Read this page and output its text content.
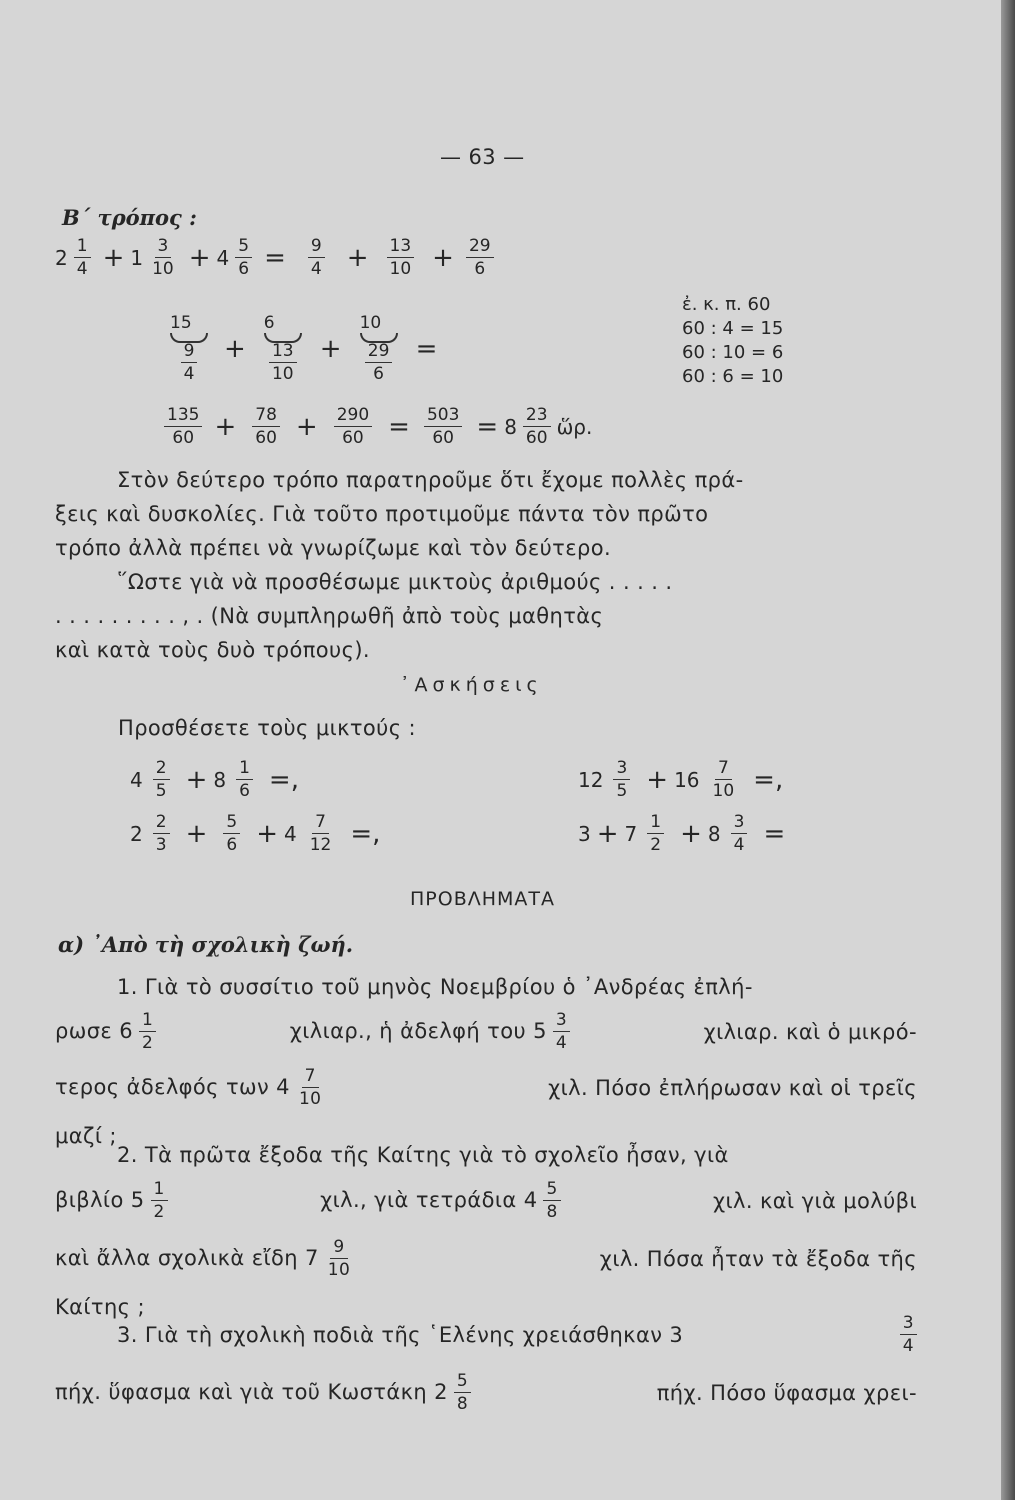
— 63 —
B΄ τρόπος :
$2 \frac{1}{4} + 1 \frac{3}{10} + 4 \frac{5}{6} = \frac{9}{4} + \frac{13}{10} + \frac{29}{6}$
15
9
4
+
6
13
10
+
10
29
6
=
ἐ. κ. π. 60
60 : 4 = 15
60 : 10 = 6
60 : 6 = 10
$\frac{135}{60} + \frac{78}{60} + \frac{290}{60} = \frac{503}{60} = 8 \frac{23}{60}$ ὥρ.
Στὸν δεύτερο τρόπο παρατηροῦμε ὅτι ἔχομε πολλὲς πρά-
ξεις καὶ δυσκολίες. Γιὰ τοῦτο προτιμοῦμε πάντα τὸν πρῶτο
τρόπο ἀλλὰ πρέπει νὰ γνωρίζωμε καὶ τὸν δεύτερο.
῞Ωστε γιὰ νὰ προσθέσωμε μικτοὺς ἀριθμούς . . . . .
. . . . . . . . . , . (Νὰ συμπληρωθῆ ἀπὸ τοὺς μαθητὰς
καὶ κατὰ τοὺς δυὸ τρόπους).
᾿Ασκήσεις
Προσθέσετε τοὺς μικτούς :
$4 \frac{2}{5} + 8 \frac{1}{6}$ =,	$12 \frac{3}{5} + 16 \frac{7}{10}$ =,
$2 \frac{2}{3} + \frac{5}{6} + 4 \frac{7}{12}$ =,	$3 + 7 \frac{1}{2} + 8 \frac{3}{4}$ =
ΠΡΟΒΛΗΜΑΤΑ
α) ᾿Απὸ τὴ σχολικὴ ζωή.
1. Γιὰ τὸ συσσίτιο τοῦ μηνὸς Νοεμβρίου ὁ ᾿Ανδρέας ἐπλή-
ρωσε $6 \frac{1}{2}$	χιλιαρ., ἡ ἀδελφή του $5 \frac{3}{4}$	χιλιαρ. καὶ ὁ μικρό-
τερος ἀδελφός των $4 \frac{7}{10}$	χιλ. Πόσο ἐπλήρωσαν καὶ οἱ τρεῖς
μαζί ;
2. Τὰ πρῶτα ἔξοδα τῆς Καίτης γιὰ τὸ σχολεῖο ἦσαν, γιὰ
βιβλίο $5 \frac{1}{2}$	χιλ., γιὰ τετράδια $4 \frac{5}{8}$	χιλ. καὶ γιὰ μολύβι
καὶ ἄλλα σχολικὰ εἴδη $7 \frac{9}{10}$	χιλ. Πόσα ἦταν τὰ ἔξοδα τῆς
Καίτης ;
3. Γιὰ τὴ σχολικὴ ποδιὰ τῆς ῾Ελένης χρειάσθηκαν 3	$\frac{3}{4}$
πήχ. ὕφασμα καὶ γιὰ τοῦ Κωστάκη $2 \frac{5}{8}$	πήχ. Πόσο ὕφασμα χρει-
